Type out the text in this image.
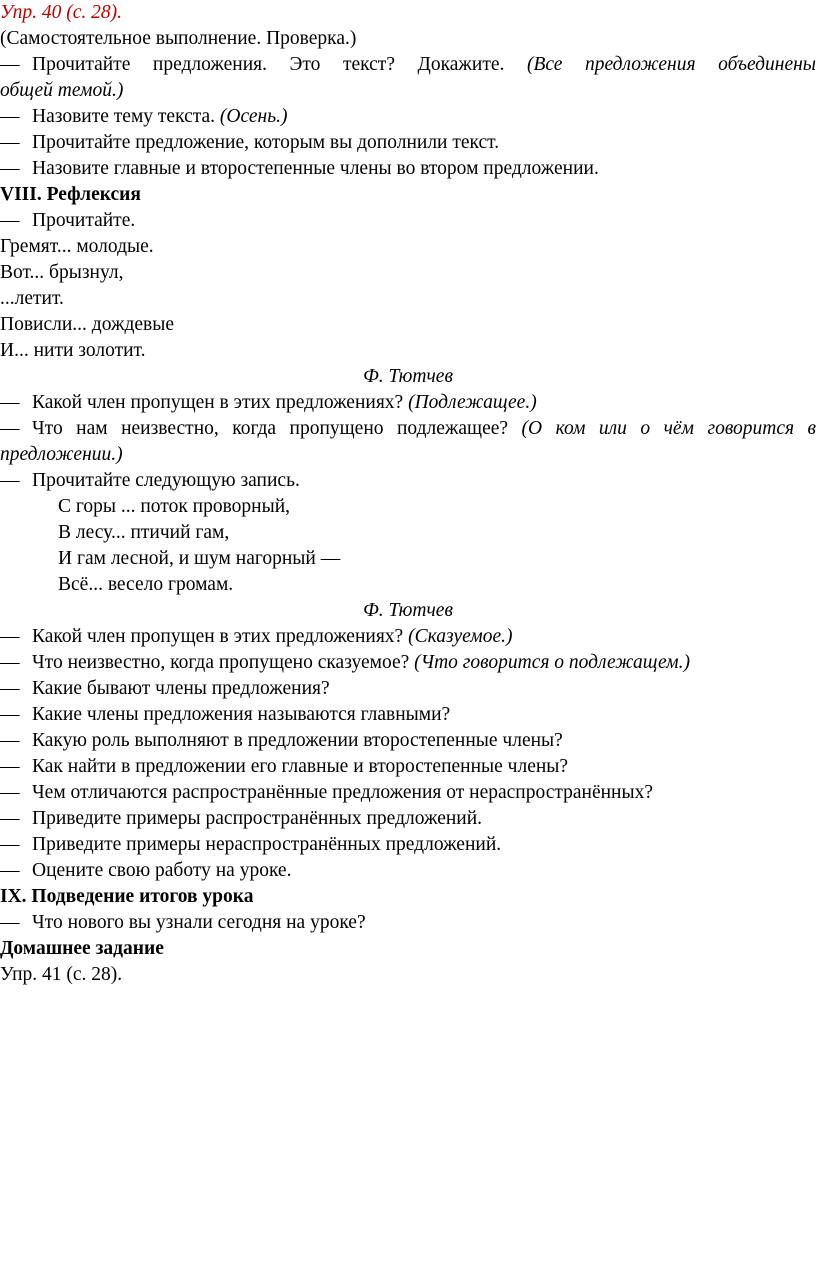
Упр. 40 (с. 28).
(Самостоятельное выполнение. Проверка.)
— Прочитайте предложения. Это текст? Докажите. (Все предложения объединены
общей темой.)
— Назовите тему текста. (Осень.)
— Прочитайте предложение, которым вы дополнили текст.
— Назовите главные и второстепенные члены во втором предложении.
VIII. Рефлексия
— Прочитайте.
Гремят... молодые.
Вот... брызнул,
...летит.
Повисли... дождевые
И... нити золотит.
Ф. Тютчев
— Какой член пропущен в этих предложениях? (Подлежащее.)
— Что нам неизвестно, когда пропущено подлежащее? (О ком или о чём говорится в
предложении.)
— Прочитайте следующую запись.
С горы ... поток проворный,
В лесу... птичий гам,
И гам лесной, и шум нагорный —
Всё... весело громам.
Ф. Тютчев
— Какой член пропущен в этих предложениях? (Сказуемое.)
— Что неизвестно, когда пропущено сказуемое? (Что говорится о подлежащем.)
— Какие бывают члены предложения?
— Какие члены предложения называются главными?
— Какую роль выполняют в предложении второстепенные члены?
— Как найти в предложении его главные и второстепенные члены?
— Чем отличаются распространённые предложения от нераспространённых?
— Приведите примеры распространённых предложений.
— Приведите примеры нераспространённых предложений.
— Оцените свою работу на уроке.
IX. Подведение итогов урока
— Что нового вы узнали сегодня на уроке?
Домашнее задание
Упр. 41 (с. 28).
